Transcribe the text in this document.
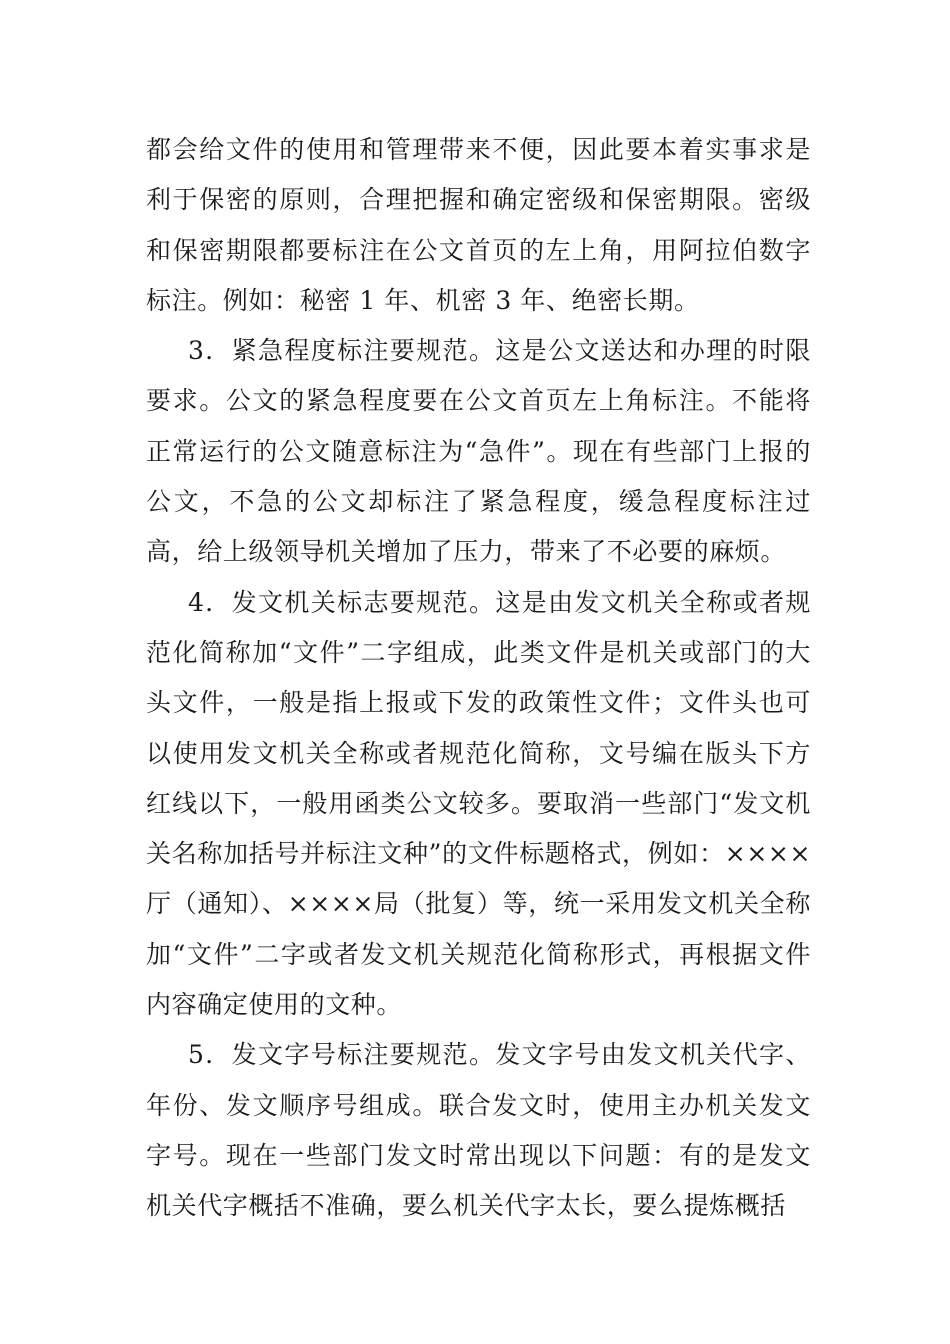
都会给文件的使用和管理带来不便，因此要本着实事求是利于保密的原则，合理把握和确定密级和保密期限。密级和保密期限都要标注在公文首页的左上角，用阿拉伯数字标注。例如：秘密 1 年、机密 3 年、绝密长期。

3．紧急程度标注要规范。这是公文送达和办理的时限要求。公文的紧急程度要在公文首页左上角标注。不能将正常运行的公文随意标注为“急件”。现在有些部门上报的公文，不急的公文却标注了紧急程度，缓急程度标注过高，给上级领导机关增加了压力，带来了不必要的麻烦。

4．发文机关标志要规范。这是由发文机关全称或者规范化简称加“文件”二字组成，此类文件是机关或部门的大头文件，一般是指上报或下发的政策性文件；文件头也可以使用发文机关全称或者规范化简称，文号编在版头下方红线以下，一般用函类公文较多。要取消一些部门“发文机关名称加括号并标注文种”的文件标题格式，例如：××××厅（通知）、××××局（批复）等，统一采用发文机关全称加“文件”二字或者发文机关规范化简称形式，再根据文件内容确定使用的文种。

5．发文字号标注要规范。发文字号由发文机关代字、年份、发文顺序号组成。联合发文时，使用主办机关发文字号。现在一些部门发文时常出现以下问题：有的是发文机关代字概括不准确，要么机关代字太长，要么提炼概括
